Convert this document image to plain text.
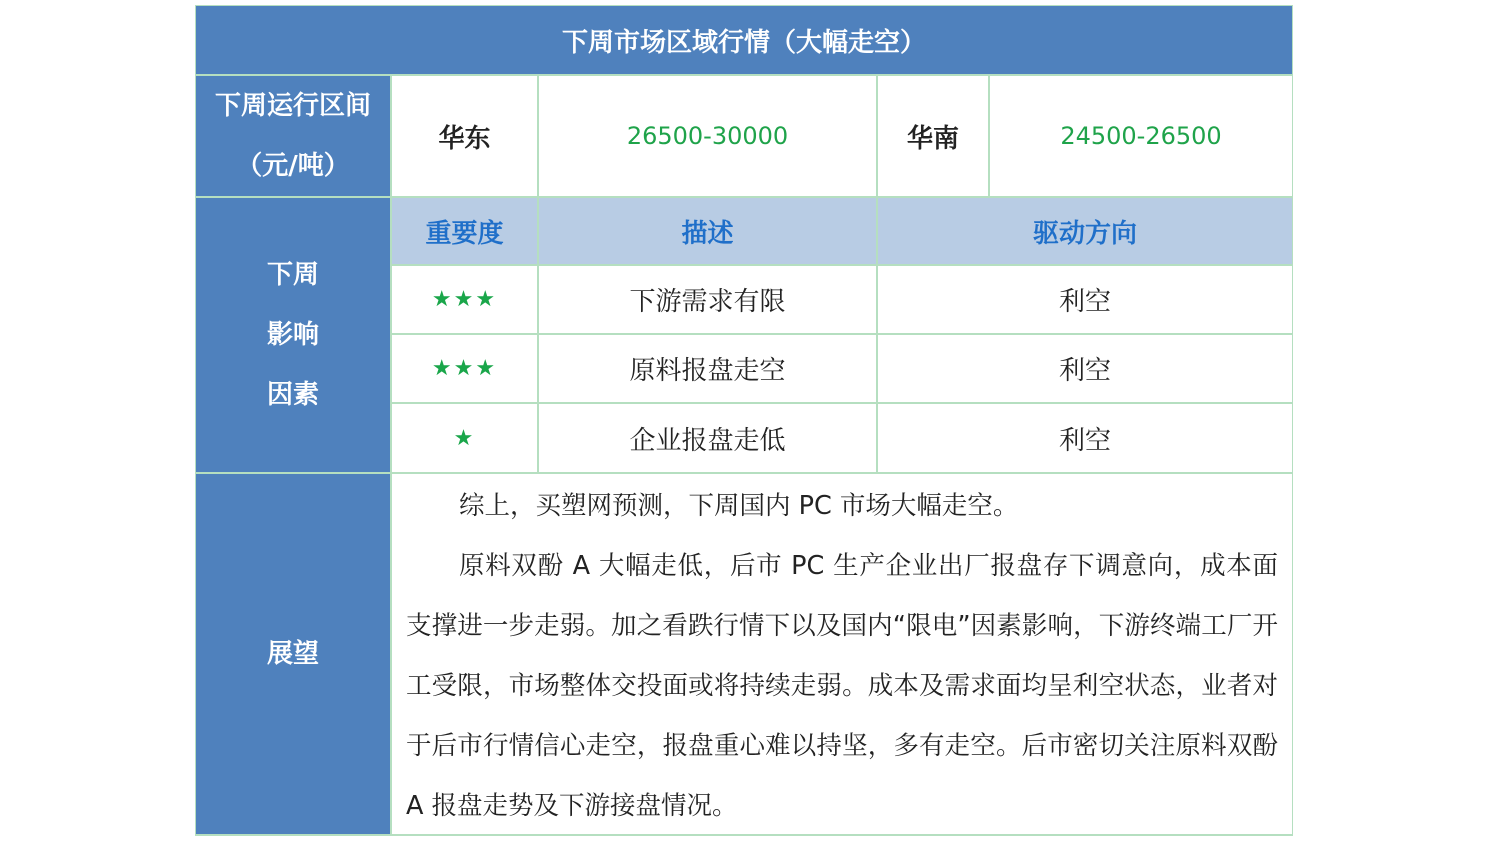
下周市场区域行情（大幅走空）
下周运行区间
（元/吨）
华东	26500-30000	华南	24500-26500
下周
影响
因素
重要度	描述	驱动方向
★★★	下游需求有限	利空
★★★	原料报盘走空	利空
★	企业报盘走低	利空
展望

综上，买塑网预测，下周国内 PC 市场大幅走空。

原料双酚 A 大幅走低，后市 PC 生产企业出厂报盘存下调意向，成本面支撑进一步走弱。加之看跌行情下以及国内“限电”因素影响，下游终端工厂开工受限，市场整体交投面或将持续走弱。成本及需求面均呈利空状态，业者对于后市行情信心走空，报盘重心难以持坚，多有走空。后市密切关注原料双酚 A 报盘走势及下游接盘情况。
